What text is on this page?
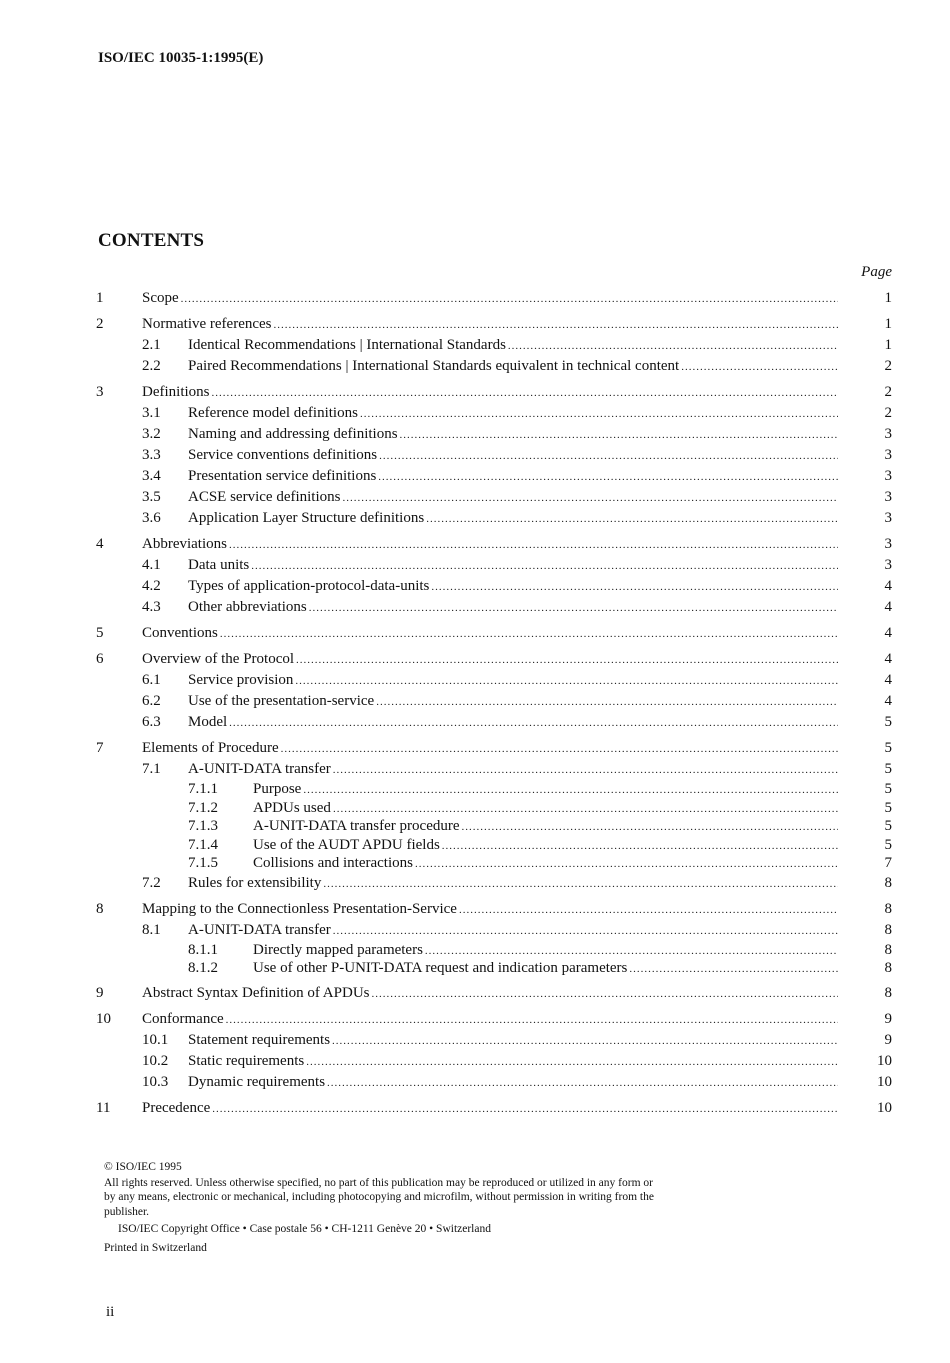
ISO/IEC 10035-1:1995(E)
CONTENTS
Page
1	Scope .....	1
2	Normative references .....	1
2.1 Identical Recommendations | International Standards .....	1
2.2 Paired Recommendations | International Standards equivalent in technical content .....	2
3	Definitions .....	2
3.1 Reference model definitions .....	2
3.2 Naming and addressing definitions .....	3
3.3 Service conventions definitions .....	3
3.4 Presentation service definitions .....	3
3.5 ACSE service definitions .....	3
3.6 Application Layer Structure definitions .....	3
4	Abbreviations .....	3
4.1 Data units .....	3
4.2 Types of application-protocol-data-units .....	4
4.3 Other abbreviations .....	4
5	Conventions .....	4
6	Overview of the Protocol .....	4
6.1 Service provision .....	4
6.2 Use of the presentation-service .....	4
6.3 Model .....	5
7	Elements of Procedure .....	5
7.1 A-UNIT-DATA transfer .....	5
7.1.1 Purpose .....	5
7.1.2 APDUs used .....	5
7.1.3 A-UNIT-DATA transfer procedure .....	5
7.1.4 Use of the AUDT APDU fields .....	5
7.1.5 Collisions and interactions .....	7
7.2 Rules for extensibility .....	8
8	Mapping to the Connectionless Presentation-Service .....	8
8.1 A-UNIT-DATA transfer .....	8
8.1.1 Directly mapped parameters .....	8
8.1.2 Use of other P-UNIT-DATA request and indication parameters .....	8
9	Abstract Syntax Definition of APDUs .....	8
10 Conformance .....	9
10.1 Statement requirements .....	9
10.2 Static requirements .....	10
10.3 Dynamic requirements .....	10
11 Precedence .....	10
© ISO/IEC 1995
All rights reserved. Unless otherwise specified, no part of this publication may be reproduced or utilized in any form or by any means, electronic or mechanical, including photocopying and microfilm, without permission in writing from the publisher.
ISO/IEC Copyright Office • Case postale 56 • CH-1211 Genève 20 • Switzerland
Printed in Switzerland
ii
